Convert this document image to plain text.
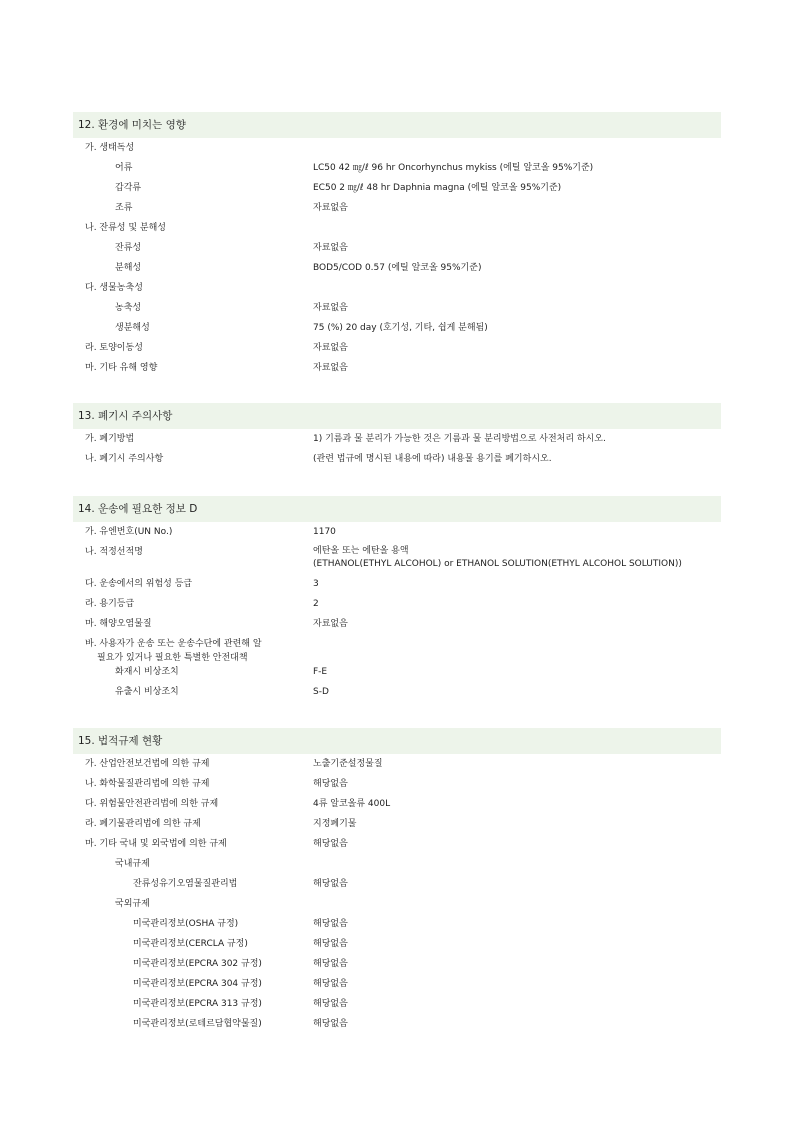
12. 환경에 미치는 영향
가. 생태독성
어류	LC50 42 ㎎/ℓ 96 hr Oncorhynchus mykiss (에틸 알코올 95%기준)
갑각류	EC50 2 ㎎/ℓ 48 hr Daphnia magna (에틸 알코올 95%기준)
조류	자료없음
나. 잔류성 및 분해성
잔류성	자료없음
분해성	BOD5/COD 0.57 (에틸 알코올 95%기준)
다. 생물농축성
농축성	자료없음
생분해성	75 (%) 20 day (호기성, 기타, 쉽게 분해됨)
라. 토양이동성	자료없음
마. 기타 유해 영향	자료없음
13. 폐기시 주의사항
가. 폐기방법	1) 기름과 물 분리가 가능한 것은 기름과 물 분리방법으로 사전처리 하시오.
나. 폐기시 주의사항	(관련 법규에 명시된 내용에 따라) 내용물 용기를 폐기하시오.
14. 운송에 필요한 정보 D
가. 유엔번호(UN No.)	1170
나. 적정선적명	에탄올 또는 에탄올 용액
(ETHANOL(ETHYL ALCOHOL) or ETHANOL SOLUTION(ETHYL ALCOHOL SOLUTION))
다. 운송에서의 위험성 등급	3
라. 용기등급	2
마. 해양오염물질	자료없음
바. 사용자가 운송 또는 운송수단에 관련해 알
필요가 있거나 필요한 특별한 안전대책
화재시 비상조치	F-E
유출시 비상조치	S-D
15. 법적규제 현황
가. 산업안전보건법에 의한 규제	노출기준설정물질
나. 화학물질관리법에 의한 규제	해당없음
다. 위험물안전관리법에 의한 규제	4류 알코올류 400L
라. 폐기물관리법에 의한 규제	지정폐기물
마. 기타 국내 및 외국법에 의한 규제	해당없음
국내규제
잔류성유기오염물질관리법	해당없음
국외규제
미국관리정보(OSHA 규정)	해당없음
미국관리정보(CERCLA 규정)	해당없음
미국관리정보(EPCRA 302 규정)	해당없음
미국관리정보(EPCRA 304 규정)	해당없음
미국관리정보(EPCRA 313 규정)	해당없음
미국관리정보(로테르담협약물질)	해당없음
